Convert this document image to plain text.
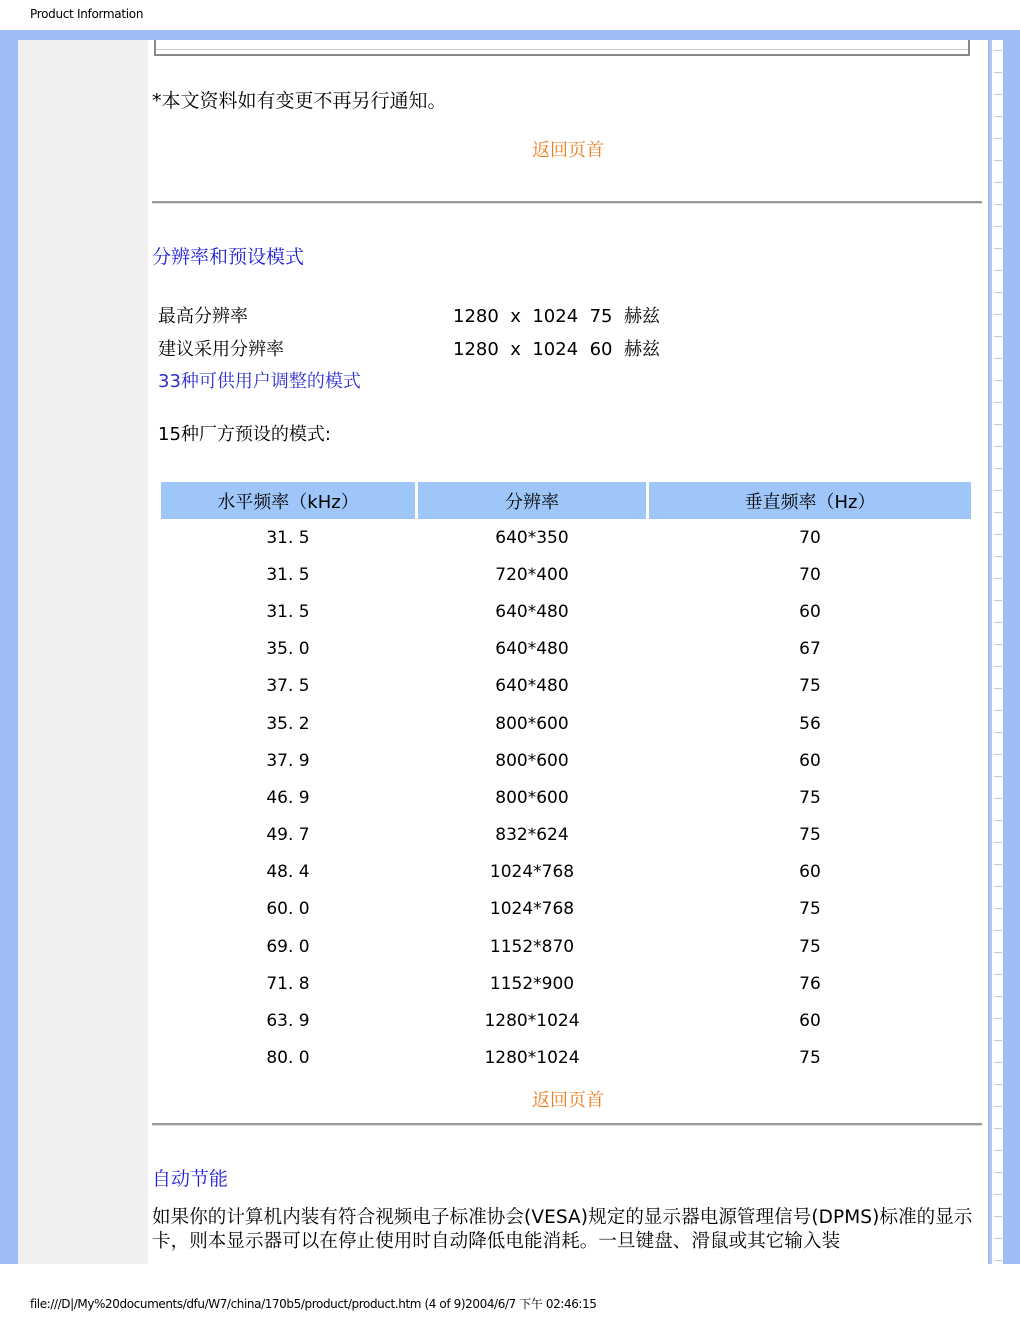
Product Information
*本文资料如有变更不再另行通知。
返回页首
分辨率和预设模式
最高分辨率	1280  x  1024  75  赫兹
建议采用分辨率	1280  x  1024  60  赫兹
33种可供用户调整的模式
15种厂方预设的模式:
水平频率（kHz）	分辨率	垂直频率（Hz）
31. 5	640*350	70
31. 5	720*400	70
31. 5	640*480	60
35. 0	640*480	67
37. 5	640*480	75
35. 2	800*600	56
37. 9	800*600	60
46. 9	800*600	75
49. 7	832*624	75
48. 4	1024*768	60
60. 0	1024*768	75
69. 0	1152*870	75
71. 8	1152*900	76
63. 9	1280*1024	60
80. 0	1280*1024	75
返回页首
自动节能
如果你的计算机内装有符合视频电子标准协会(VESA)规定的显示器电源管理信号(DPMS)标准的显示卡，则本显示器可以在停止使用时自动降低电能消耗。一旦键盘、滑鼠或其它输入装
file:///D|/My%20documents/dfu/W7/china/170b5/product/product.htm (4 of 9)2004/6/7 下午 02:46:15
